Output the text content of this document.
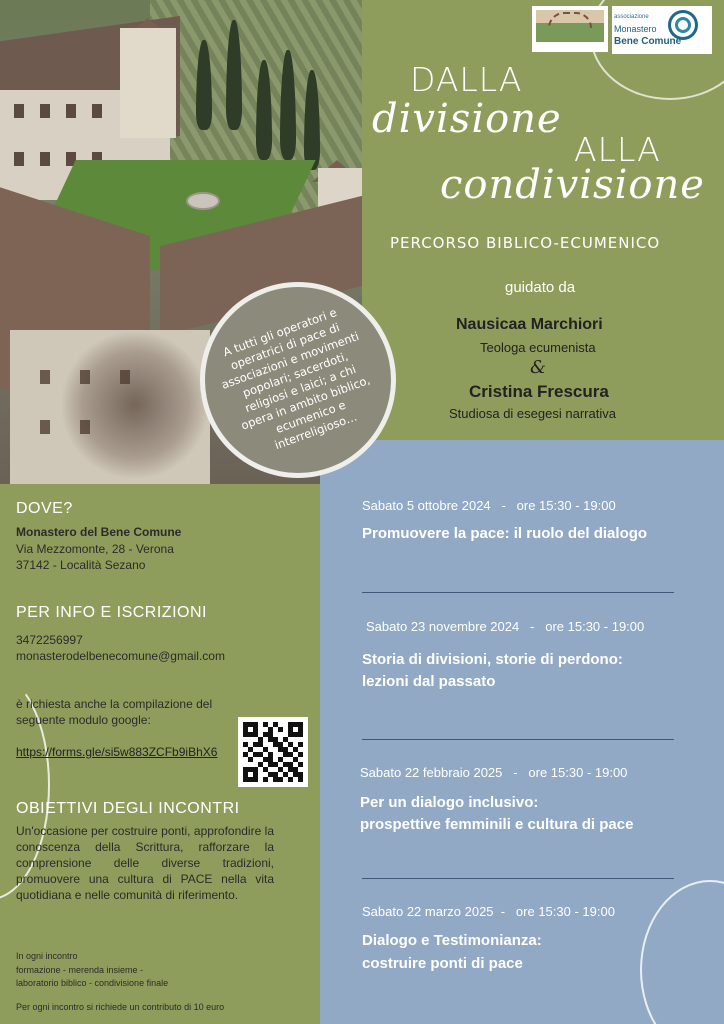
A tutti gli operatori e operatrici di pace di associazioni e movimenti popolari; sacerdoti, religiosi e laici; a chi opera in ambito biblico, ecumenico e interreligioso…

associazione
Monastero
Bene Comune
DALLA
divisione
ALLA
condivisione
PERCORSO BIBLICO-ECUMENICO
guidato da
Nausicaa Marchiori
Teologa ecumenista
&
Cristina Frescura
Studiosa di esegesi narrativa
DOVE?
Monastero del Bene Comune
Via Mezzomonte, 28 - Verona
37142 - Località Sezano
PER INFO E ISCRIZIONI
3472256997
monasterodelbenecomune@gmail.com
è richiesta anche la compilazione del
seguente modulo google:
https://forms.gle/si5w883ZCFb9iBhX6
OBIETTIVI DEGLI INCONTRI
Un'occasione per costruire ponti, approfondire la conoscenza della Scrittura, rafforzare la comprensione delle diverse tradizioni, promuovere una cultura di PACE nella vita quotidiana e nelle comunità di riferimento.
In ogni incontro
formazione - merenda insieme -
laboratorio biblico - condivisione finale
Per ogni incontro si richiede un contributo di 10 euro
Sabato 5 ottobre 2024   -   ore 15:30 - 19:00
Promuovere la pace: il ruolo del dialogo
Sabato 23 novembre 2024   -   ore 15:30 - 19:00
Storia di divisioni, storie di perdono:
lezioni dal passato
Sabato 22 febbraio 2025   -   ore 15:30 - 19:00
Per un dialogo inclusivo:
prospettive femminili e cultura di pace
Sabato 22 marzo 2025  -   ore 15:30 - 19:00
Dialogo e Testimonianza:
costruire ponti di pace
